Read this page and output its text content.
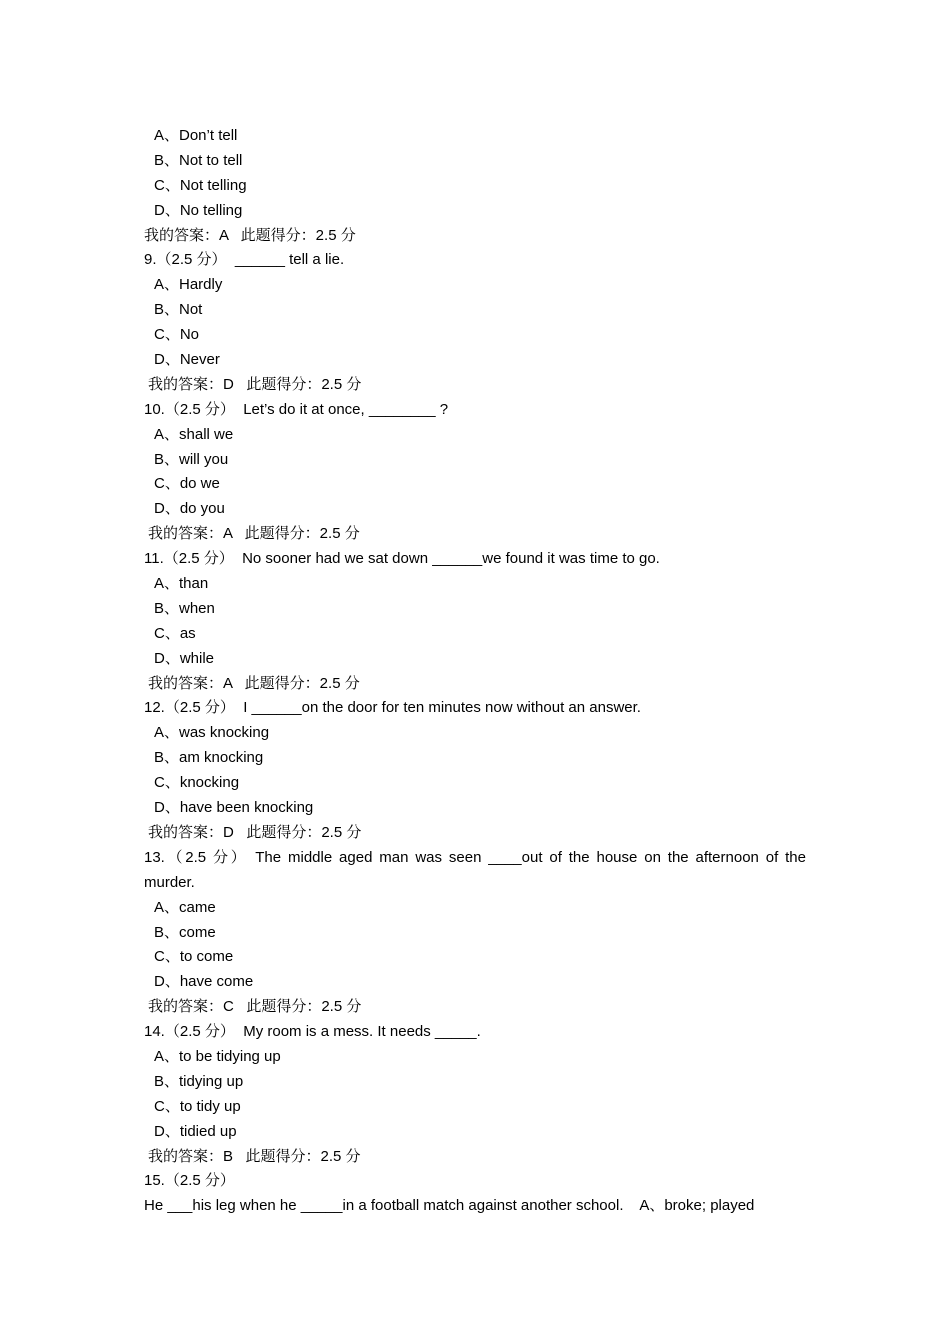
A、Don’t tell
B、Not to tell
C、Not telling
D、No telling
我的答案：A   此题得分：2.5 分
9.（2.5 分）  ______ tell a lie.
A、Hardly
B、Not
C、No
D、Never
我的答案：D   此题得分：2.5 分
10.（2.5 分）  Let’s do it at once, ________ ?
A、shall we
B、will you
C、do we
D、do you
我的答案：A   此题得分：2.5 分
11.（2.5 分）  No sooner had we sat down ______we found it was time to go.
A、than
B、when
C、as
D、while
我的答案：A   此题得分：2.5 分
12.（2.5 分）  I ______on the door for ten minutes now without an answer.
A、was knocking
B、am knocking
C、knocking
D、have been knocking
我的答案：D   此题得分：2.5 分
13.（2.5 分） The middle aged man was seen ____out of the house on the afternoon of the
murder.
A、came
B、come
C、to come
D、have come
我的答案：C   此题得分：2.5 分
14.（2.5 分）  My room is a mess. It needs _____.
A、to be tidying up
B、tidying up
C、to tidy up
D、tidied up
我的答案：B   此题得分：2.5 分
15.（2.5 分）
He ___his leg when he _____in a football match against another school.    A、broke; played
